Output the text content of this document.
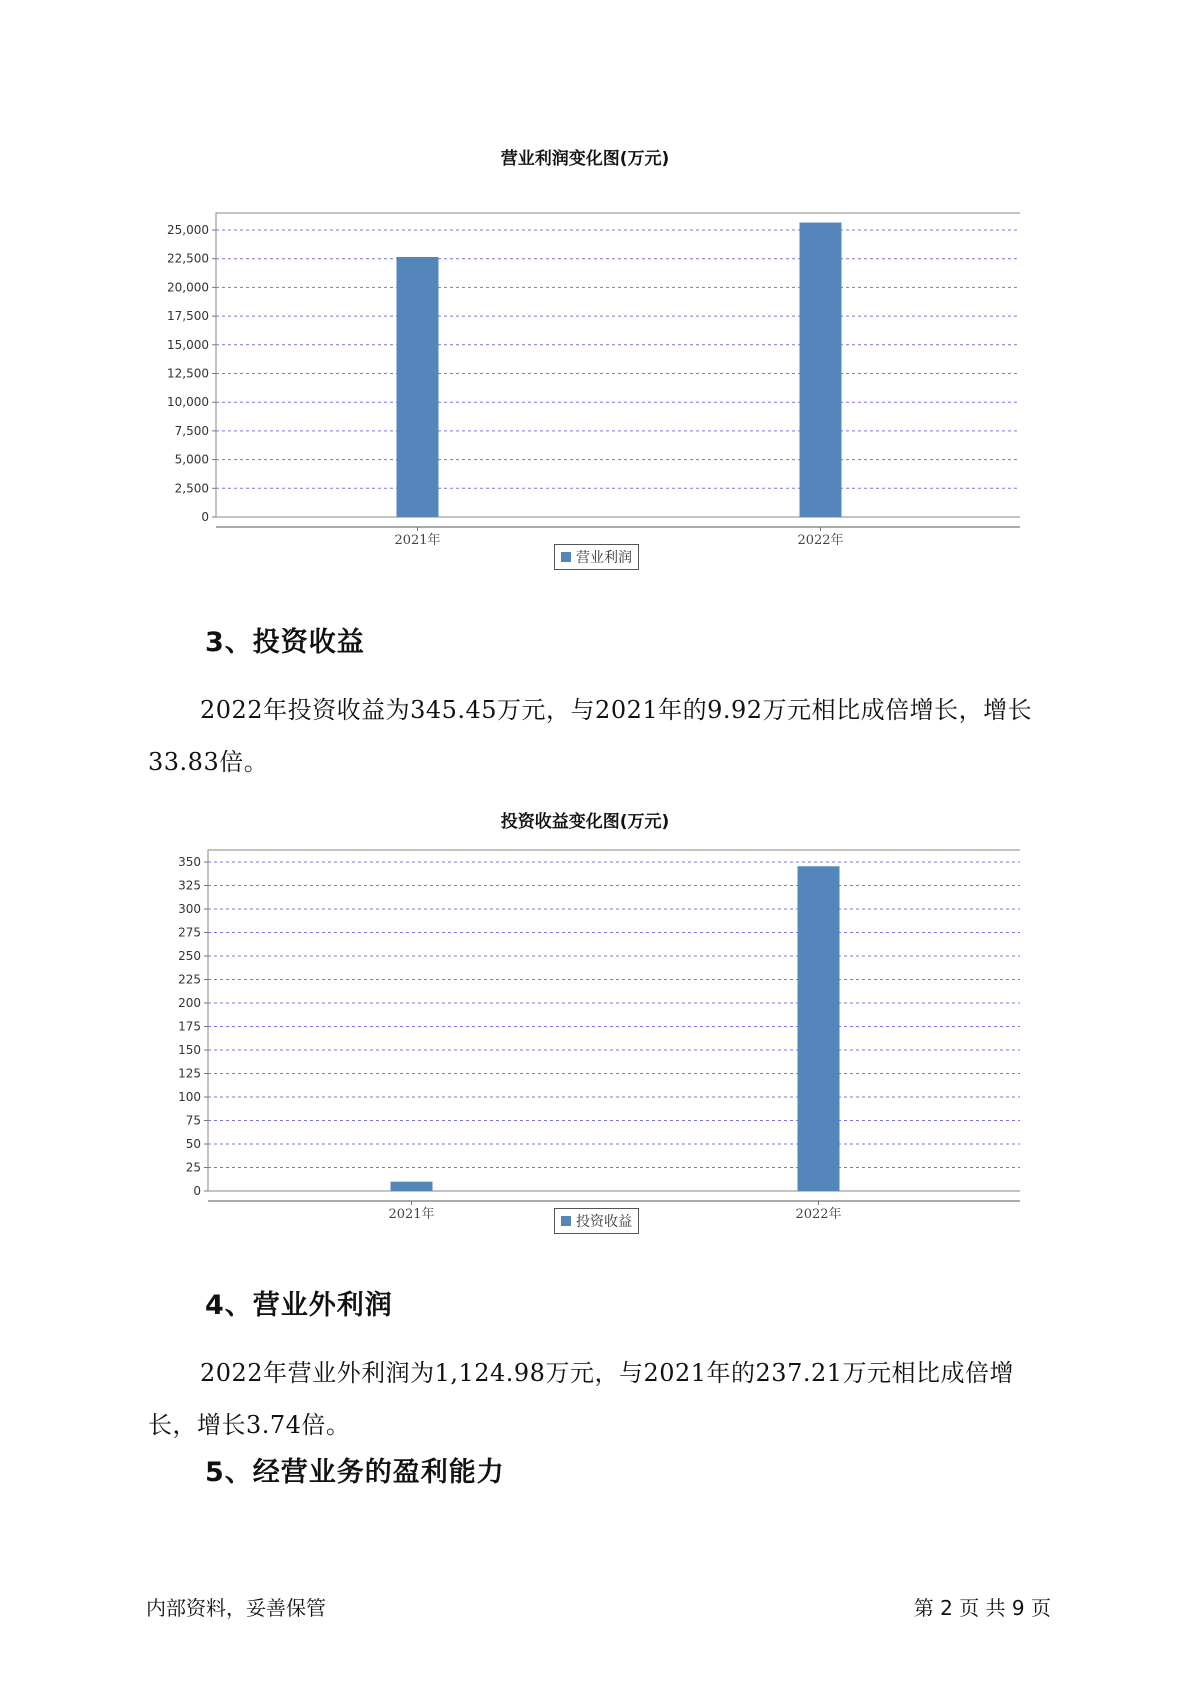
营业利润变化图(万元)
0
2,500
5,000
7,500
10,000
12,500
15,000
17,500
20,000
22,500
25,000
2021年	2022年
营业利润
3、投资收益
2022年投资收益为345.45万元，与2021年的9.92万元相比成倍增长，增长33.83倍。
投资收益变化图(万元)
0
25
50
75
100
125
150
175
200
225
250
275
300
325
350
2021年	2022年
投资收益
4、营业外利润
2022年营业外利润为1,124.98万元，与2021年的237.21万元相比成倍增长，增长3.74倍。
5、经营业务的盈利能力
内部资料，妥善保管	第 2 页 共 9 页
